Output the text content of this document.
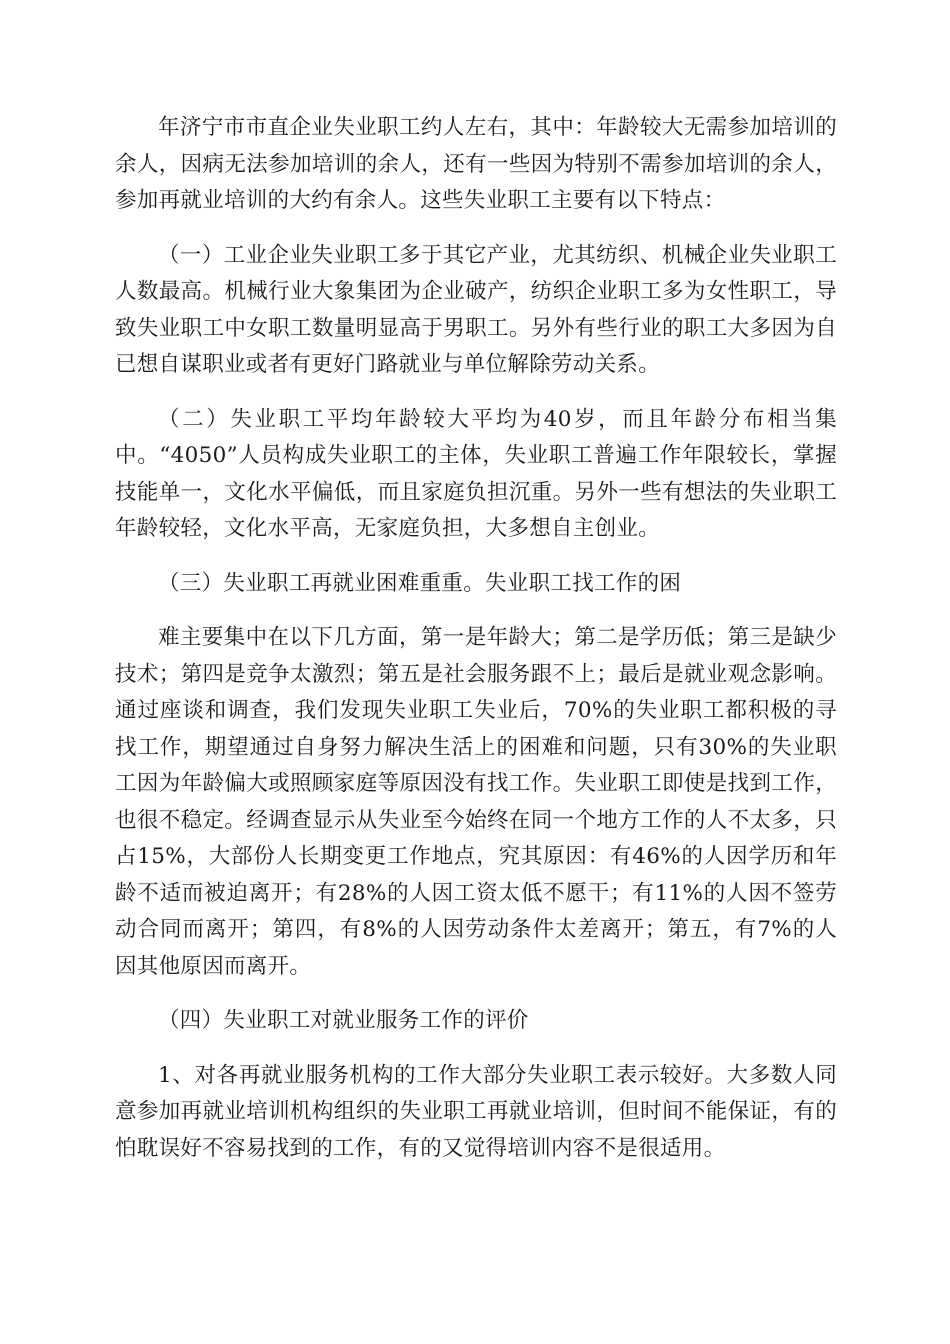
年济宁市市直企业失业职工约人左右，其中：年龄较大无需参加培训的余人，因病无法参加培训的余人，还有一些因为特别不需参加培训的余人，参加再就业培训的大约有余人。这些失业职工主要有以下特点：

（一）工业企业失业职工多于其它产业，尤其纺织、机械企业失业职工人数最高。机械行业大象集团为企业破产，纺织企业职工多为女性职工，导致失业职工中女职工数量明显高于男职工。另外有些行业的职工大多因为自已想自谋职业或者有更好门路就业与单位解除劳动关系。

（二）失业职工平均年龄较大平均为40岁，而且年龄分布相当集中。“4050”人员构成失业职工的主体，失业职工普遍工作年限较长，掌握技能单一，文化水平偏低，而且家庭负担沉重。另外一些有想法的失业职工年龄较轻，文化水平高，无家庭负担，大多想自主创业。

（三）失业职工再就业困难重重。失业职工找工作的困

难主要集中在以下几方面，第一是年龄大；第二是学历低；第三是缺少技术；第四是竞争太激烈；第五是社会服务跟不上；最后是就业观念影响。通过座谈和调查，我们发现失业职工失业后，70%的失业职工都积极的寻找工作，期望通过自身努力解决生活上的困难和问题，只有30%的失业职工因为年龄偏大或照顾家庭等原因没有找工作。失业职工即使是找到工作，也很不稳定。经调查显示从失业至今始终在同一个地方工作的人不太多，只占15%，大部份人长期变更工作地点，究其原因：有46%的人因学历和年龄不适而被迫离开；有28%的人因工资太低不愿干；有11%的人因不签劳动合同而离开；第四，有8%的人因劳动条件太差离开；第五，有7%的人因其他原因而离开。

（四）失业职工对就业服务工作的评价

1、对各再就业服务机构的工作大部分失业职工表示较好。大多数人同意参加再就业培训机构组织的失业职工再就业培训，但时间不能保证，有的怕耽误好不容易找到的工作，有的又觉得培训内容不是很适用。
